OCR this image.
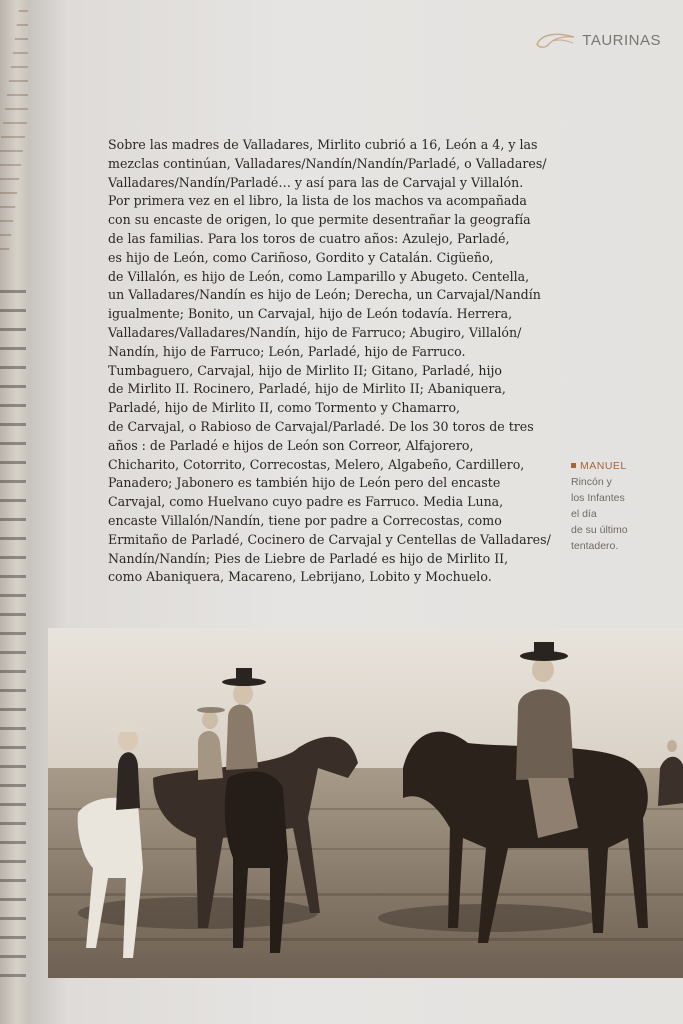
TAURINAS

Sobre las madres de Valladares, Mirlito cubrió a 16, León a 4, y las
mezclas continúan, Valladares/Nandín/Nandín/Parladé, o Valladares/
Valladares/Nandín/Parladé… y así para las de Carvajal y Villalón.
Por primera vez en el libro, la lista de los machos va acompañada
con su encaste de origen, lo que permite desentrañar la geografía
de las familias. Para los toros de cuatro años: Azulejo, Parladé,
es hijo de León, como Cariñoso, Gordito y Catalán. Cigüeño,
de Villalón, es hijo de León, como Lamparillo y Abugeto. Centella,
un Valladares/Nandín es hijo de León; Derecha, un Carvajal/Nandín
igualmente; Bonito, un Carvajal, hijo de León todavía. Herrera,
Valladares/Valladares/Nandín, hijo de Farruco; Abugiro, Villalón/
Nandín, hijo de Farruco; León, Parladé, hijo de Farruco.
Tumbaguero, Carvajal, hijo de Mirlito II; Gitano, Parladé, hijo
de Mirlito II. Rocinero, Parladé, hijo de Mirlito II; Abaniquera,
Parladé, hijo de Mirlito II, como Tormento y Chamarro,
de Carvajal, o Rabioso de Carvajal/Parladé. De los 30 toros de tres
años : de Parladé e hijos de León son Correor, Alfajorero,
Chicharito, Cotorrito, Correcostas, Melero, Algabeño, Cardillero,
Panadero; Jabonero es también hijo de León pero del encaste
Carvajal, como Huelvano cuyo padre es Farruco. Media Luna,
encaste Villalón/Nandín, tiene por padre a Correcostas, como
Ermitaño de Parladé, Cocinero de Carvajal y Centellas de Valladares/
Nandín/Nandín; Pies de Liebre de Parladé es hijo de Mirlito II,
como Abaniquera, Macareno, Lebrijano, Lobito y Mochuelo.

MANUEL
Rincón y
los Infantes
el día
de su último
tentadero.
